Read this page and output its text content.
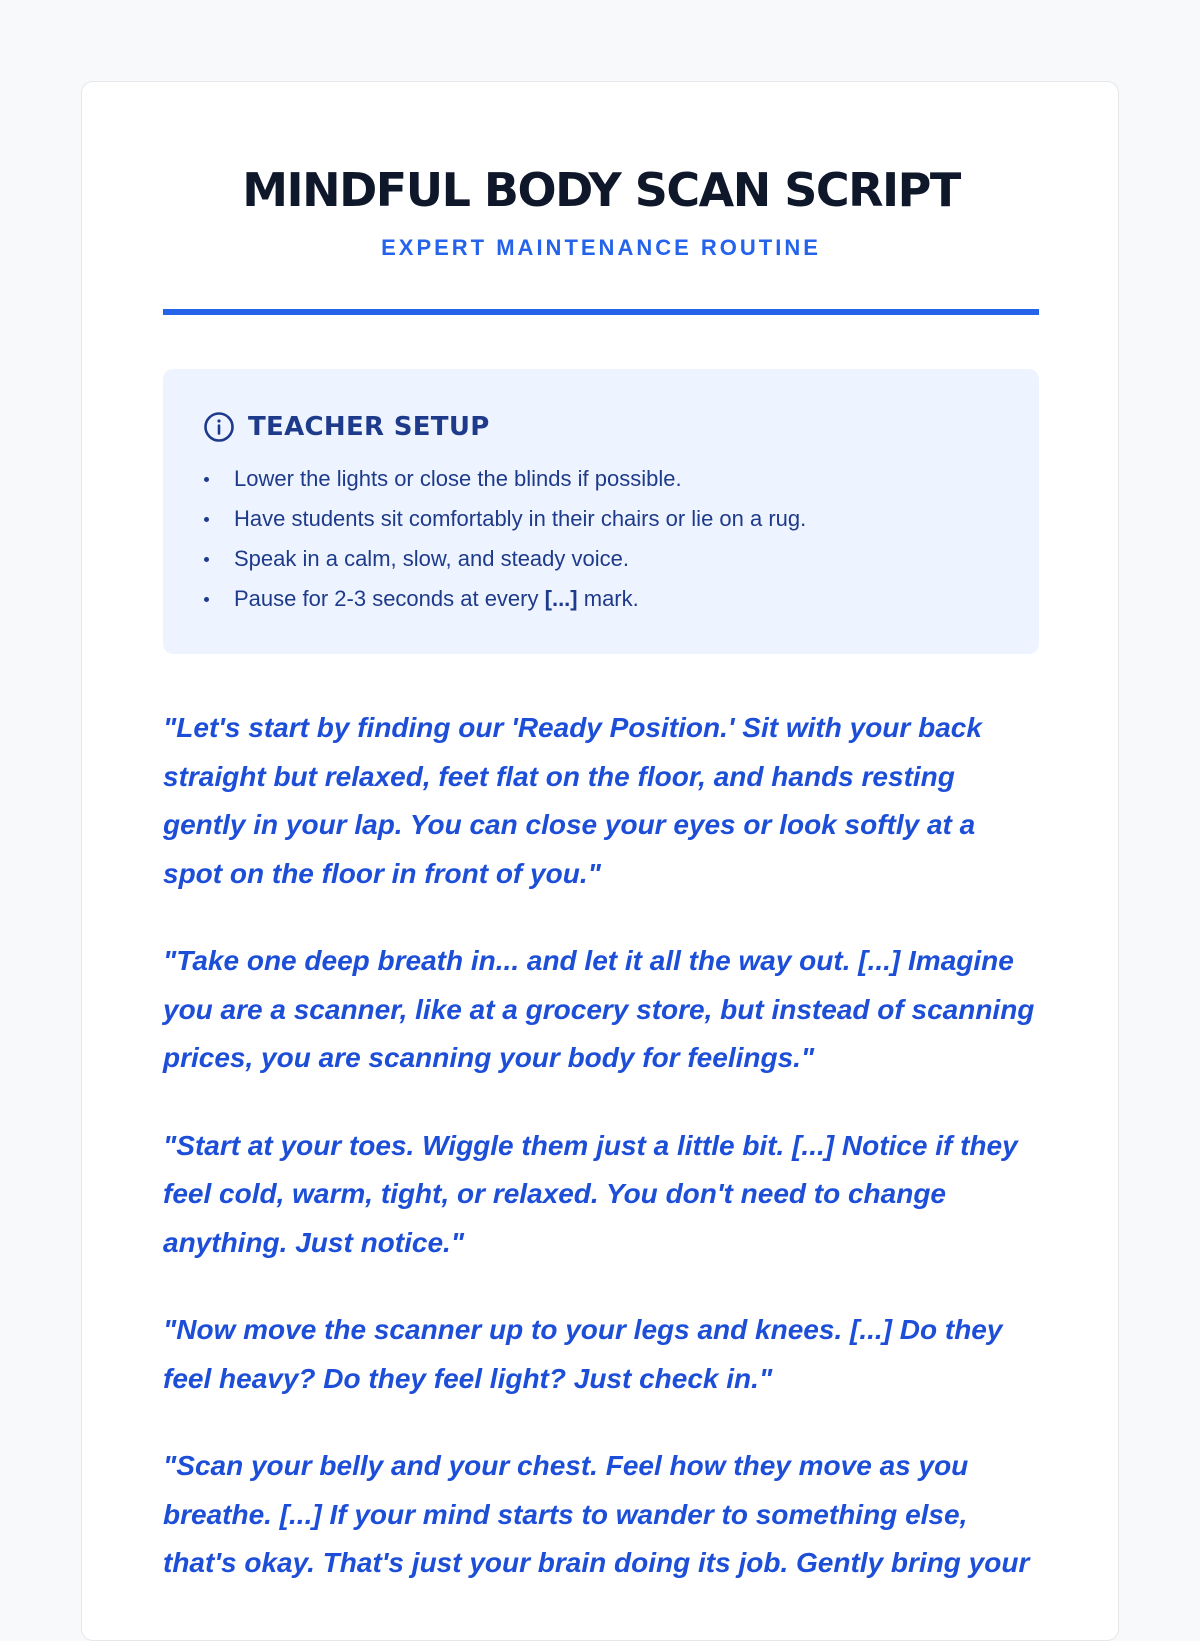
MINDFUL BODY SCAN SCRIPT
EXPERT MAINTENANCE ROUTINE
TEACHER SETUP
Lower the lights or close the blinds if possible.
Have students sit comfortably in their chairs or lie on a rug.
Speak in a calm, slow, and steady voice.
Pause for 2-3 seconds at every [...] mark.

"Let's start by finding our 'Ready Position.' Sit with your back straight but relaxed, feet flat on the floor, and hands resting gently in your lap. You can close your eyes or look softly at a spot on the floor in front of you."

"Take one deep breath in... and let it all the way out. [...] Imagine you are a scanner, like at a grocery store, but instead of scanning prices, you are scanning your body for feelings."

"Start at your toes. Wiggle them just a little bit. [...] Notice if they feel cold, warm, tight, or relaxed. You don't need to change anything. Just notice."

"Now move the scanner up to your legs and knees. [...] Do they feel heavy? Do they feel light? Just check in."

"Scan your belly and your chest. Feel how they move as you breathe. [...] If your mind starts to wander to something else, that's okay. That's just your brain doing its job. Gently bring your
